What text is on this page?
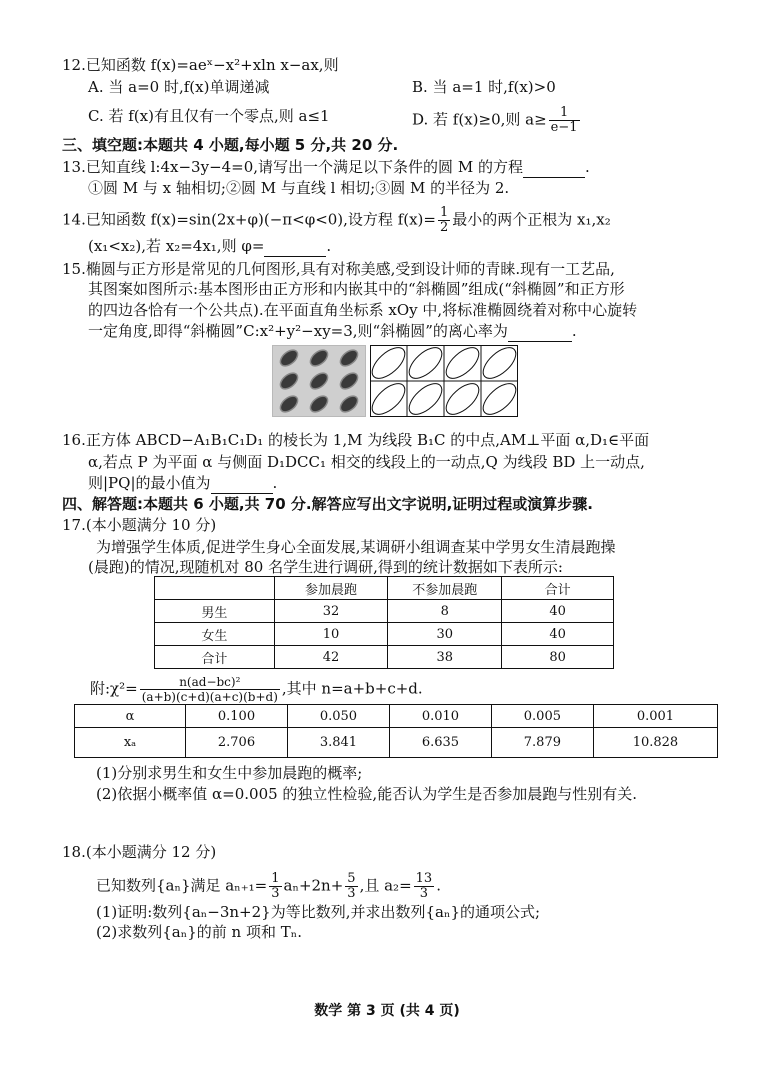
12.已知函数 f(x)=aeˣ−x²+xln x−ax,则
A. 当 a=0 时,f(x)单调递减	B. 当 a=1 时,f(x)>0
C. 若 f(x)有且仅有一个零点,则 a≤1	D. 若 f(x)≥0,则 $a\ge \frac{1}{e-1}$
三、填空题:本题共 4 小题,每小题 5 分,共 20 分.
13.已知直线 l:4x−3y−4=0,请写出一个满足以下条件的圆 M 的方程	.
①圆 M 与 x 轴相切;②圆 M 与直线 l 相切;③圆 M 的半径为 2.
14.已知函数 f(x)=sin(2x+φ)(−π<φ<0),设方程 $f(x)= \frac{1}{2}$ 最小的两个正根为 x₁,x₂
(x₁<x₂),若 x₂=4x₁,则 φ=	.
15.椭圆与正方形是常见的几何图形,具有对称美感,受到设计师的青睐.现有一工艺品,
其图案如图所示:基本图形由正方形和内嵌其中的“斜椭圆”组成(“斜椭圆”和正方形
的四边各恰有一个公共点).在平面直角坐标系 xOy 中,将标准椭圆绕着对称中心旋转
一定角度,即得“斜椭圆”C:x²+y²−xy=3,则“斜椭圆”的离心率为	.
16.正方体 ABCD−A₁B₁C₁D₁ 的棱长为 1,M 为线段 B₁C 的中点,AM⊥平面 α,D₁∈平面
α,若点 P 为平面 α 与侧面 D₁DCC₁ 相交的线段上的一动点,Q 为线段 BD 上一动点,
则|PQ|的最小值为	.
四、解答题:本题共 6 小题,共 70 分.解答应写出文字说明,证明过程或演算步骤.
17.(本小题满分 10 分)
为增强学生体质,促进学生身心全面发展,某调研小组调查某中学男女生清晨跑操
(晨跑)的情况,现随机对 80 名学生进行调研,得到的统计数据如下表所示:
	参加晨跑	不参加晨跑	合计
男生	32	8	40
女生	10	30	40
合计	42	38	80
附:χ²= $\frac{\text{n(ad−bc)²}}{(a+b)(c+d)(a+c)(b+d)}$ ,其中 n=a+b+c+d.
α	0.100	0.050	0.010	0.005	0.001
xₐ	2.706	3.841	6.635	7.879	10.828
(1)分别求男生和女生中参加晨跑的概率;
(2)依据小概率值 α=0.005 的独立性检验,能否认为学生是否参加晨跑与性别有关.
18.(本小题满分 12 分)
已知数列{aₙ}满足 $a_{n+1}= \frac{1}{3} a_n+2n+ \frac{5}{3}$ ,且 $a_2= \frac{13}{3}$ .
(1)证明:数列{aₙ−3n+2}为等比数列,并求出数列{aₙ}的通项公式;
(2)求数列{aₙ}的前 n 项和 Tₙ.
数学 第 3 页 (共 4 页)
